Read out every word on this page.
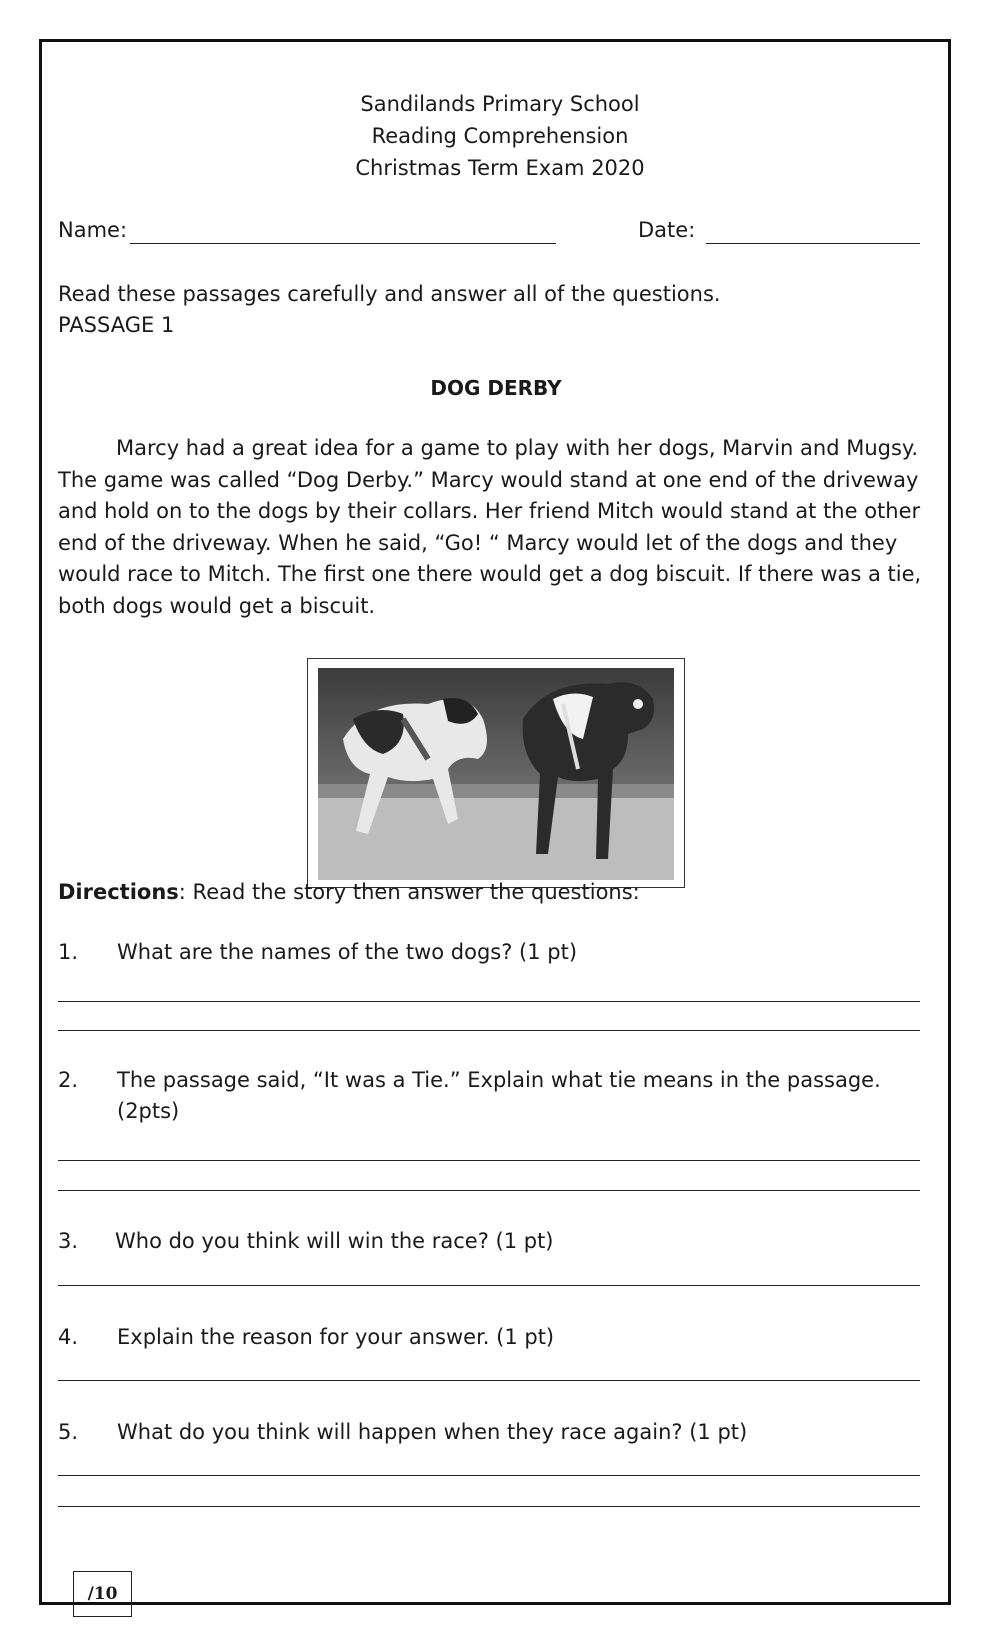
Sandilands Primary School
Reading Comprehension
Christmas Term Exam 2020
Name:	Date:
Read these passages carefully and answer all of the questions.
PASSAGE 1
DOG DERBY

Marcy had a great idea for a game to play with her dogs, Marvin and Mugsy. The game was called “Dog Derby.” Marcy would stand at one end of the driveway and hold on to the dogs by their collars. Her friend Mitch would stand at the other end of the driveway. When he said, “Go! “ Marcy would let of the dogs and they would race to Mitch. The first one there would get a dog biscuit. If there was a tie, both dogs would get a biscuit.

Directions: Read the story then answer the questions:
1. What are the names of the two dogs? (1 pt)
2. The passage said, “It was a Tie.” Explain what tie means in the passage.
(2pts)
3. Who do you think will win the race? (1 pt)
4. Explain the reason for your answer. (1 pt)
5. What do you think will happen when they race again? (1 pt)
/10
